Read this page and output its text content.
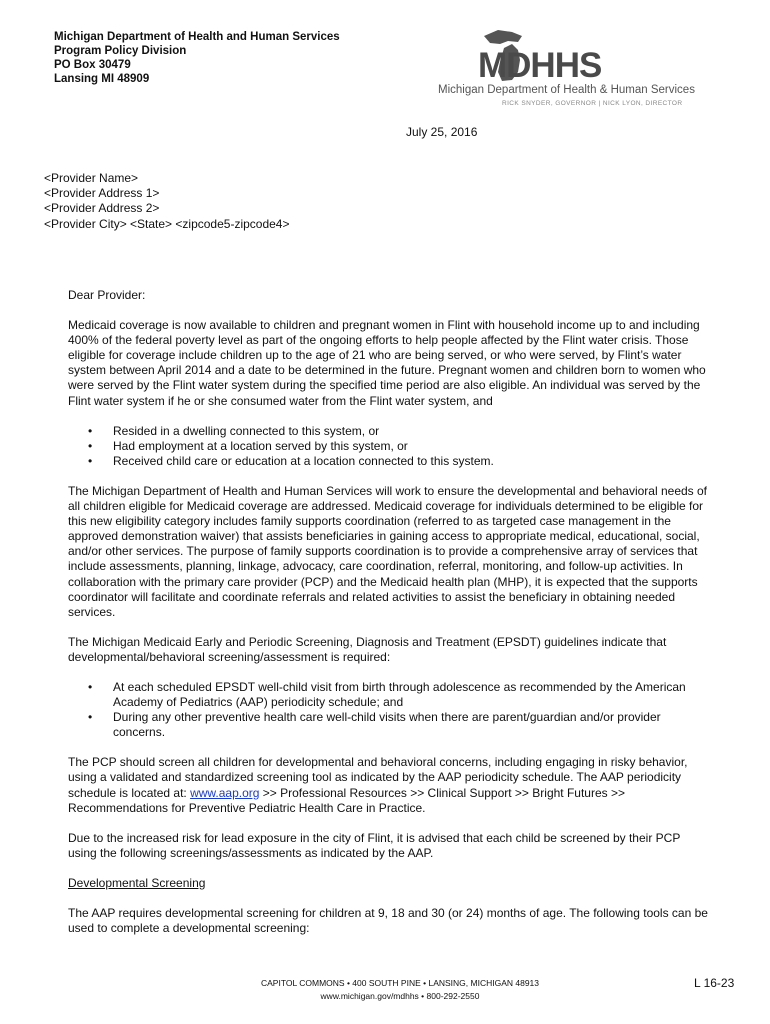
Michigan Department of Health and Human Services
Program Policy Division
PO Box 30479
Lansing MI 48909	MDHHS
Michigan Department of Health & Human Services
RICK SNYDER, GOVERNOR | NICK LYON, DIRECTOR
July 25, 2016
<Provider Name>
<Provider Address 1>
<Provider Address 2>
<Provider City> <State> <zipcode5-zipcode4>

Dear Provider:

Medicaid coverage is now available to children and pregnant women in Flint with household income up to and including 400% of the federal poverty level as part of the ongoing efforts to help people affected by the Flint water crisis. Those eligible for coverage include children up to the age of 21 who are being served, or who were served, by Flint’s water system between April 2014 and a date to be determined in the future. Pregnant women and children born to women who were served by the Flint water system during the specified time period are also eligible. An individual was served by the Flint water system if he or she consumed water from the Flint water system, and

• Resided in a dwelling connected to this system, or
• Had employment at a location served by this system, or
• Received child care or education at a location connected to this system.

The Michigan Department of Health and Human Services will work to ensure the developmental and behavioral needs of all children eligible for Medicaid coverage are addressed. Medicaid coverage for individuals determined to be eligible for this new eligibility category includes family supports coordination (referred to as targeted case management in the approved demonstration waiver) that assists beneficiaries in gaining access to appropriate medical, educational, social, and/or other services. The purpose of family supports coordination is to provide a comprehensive array of services that include assessments, planning, linkage, advocacy, care coordination, referral, monitoring, and follow-up activities. In collaboration with the primary care provider (PCP) and the Medicaid health plan (MHP), it is expected that the supports coordinator will facilitate and coordinate referrals and related activities to assist the beneficiary in obtaining needed services.

The Michigan Medicaid Early and Periodic Screening, Diagnosis and Treatment (EPSDT) guidelines indicate that developmental/behavioral screening/assessment is required:

• At each scheduled EPSDT well-child visit from birth through adolescence as recommended by the American Academy of Pediatrics (AAP) periodicity schedule; and
• During any other preventive health care well-child visits when there are parent/guardian and/or provider concerns.

The PCP should screen all children for developmental and behavioral concerns, including engaging in risky behavior, using a validated and standardized screening tool as indicated by the AAP periodicity schedule. The AAP periodicity schedule is located at: www.aap.org >> Professional Resources >> Clinical Support >> Bright Futures >> Recommendations for Preventive Pediatric Health Care in Practice.

Due to the increased risk for lead exposure in the city of Flint, it is advised that each child be screened by their PCP using the following screenings/assessments as indicated by the AAP.

Developmental Screening

The AAP requires developmental screening for children at 9, 18 and 30 (or 24) months of age. The following tools can be used to complete a developmental screening:

CAPITOL COMMONS • 400 SOUTH PINE • LANSING, MICHIGAN 48913
www.michigan.gov/mdhhs • 800-292-2550
L 16-23
